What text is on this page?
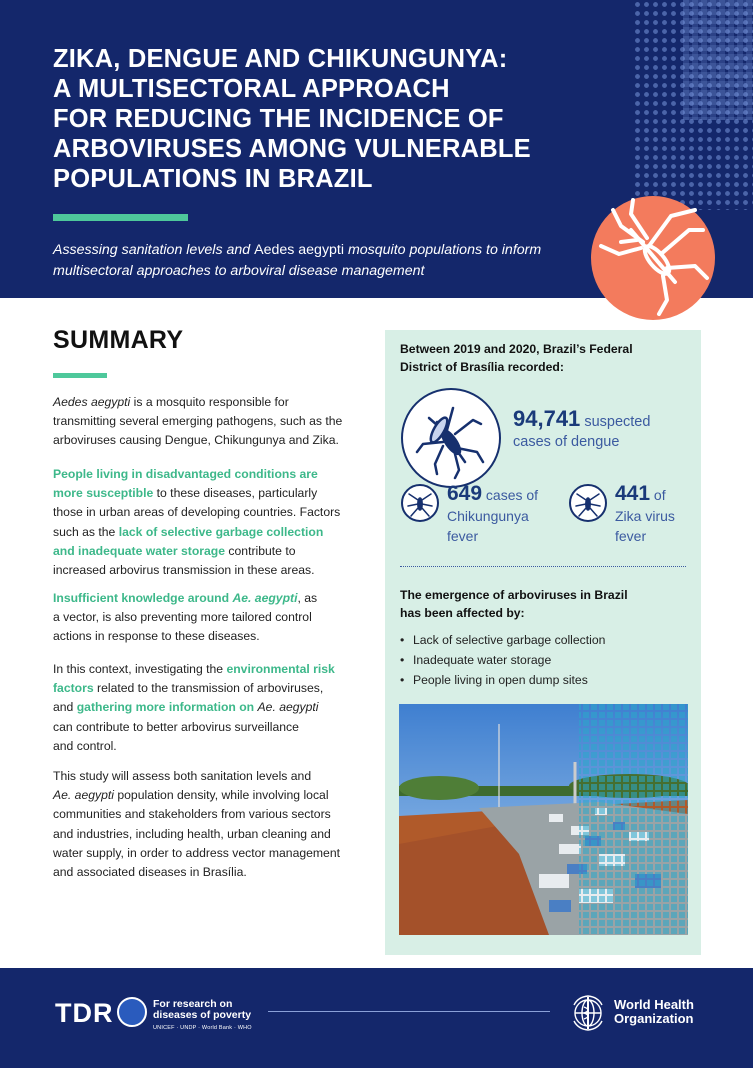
ZIKA, DENGUE AND CHIKUNGUNYA:
A MULTISECTORAL APPROACH
FOR REDUCING THE INCIDENCE OF
ARBOVIRUSES AMONG VULNERABLE
POPULATIONS IN BRAZIL
Assessing sanitation levels and Aedes aegypti mosquito populations to inform
multisectoral approaches to arboviral disease management
SUMMARY
Aedes aegypti is a mosquito responsible for
transmitting several emerging pathogens, such as the
arboviruses causing Dengue, Chikungunya and Zika.
People living in disadvantaged conditions are
more susceptible to these diseases, particularly
those in urban areas of developing countries. Factors
such as the lack of selective garbage collection
and inadequate water storage contribute to
increased arbovirus transmission in these areas.
Insufficient knowledge around Ae. aegypti, as
a vector, is also preventing more tailored control
actions in response to these diseases.
In this context, investigating the environmental risk
factors related to the transmission of arboviruses,
and gathering more information on Ae. aegypti
can contribute to better arbovirus surveillance
and control.
This study will assess both sanitation levels and
Ae. aegypti population density, while involving local
communities and stakeholders from various sectors
and industries, including health, urban cleaning and
water supply, in order to address vector management
and associated diseases in Brasília.
Between 2019 and 2020, Brazil’s Federal
District of Brasília recorded:
94,741 suspected
cases of dengue
649 cases of
Chikungunya
fever
441 of
Zika virus
fever
The emergence of arboviruses in Brazil
has been affected by:
• Lack of selective garbage collection
• Inadequate water storage
• People living in open dump sites
TDR	For research on
diseases of poverty
UNICEF · UNDP · World Bank · WHO
World Health
Organization
